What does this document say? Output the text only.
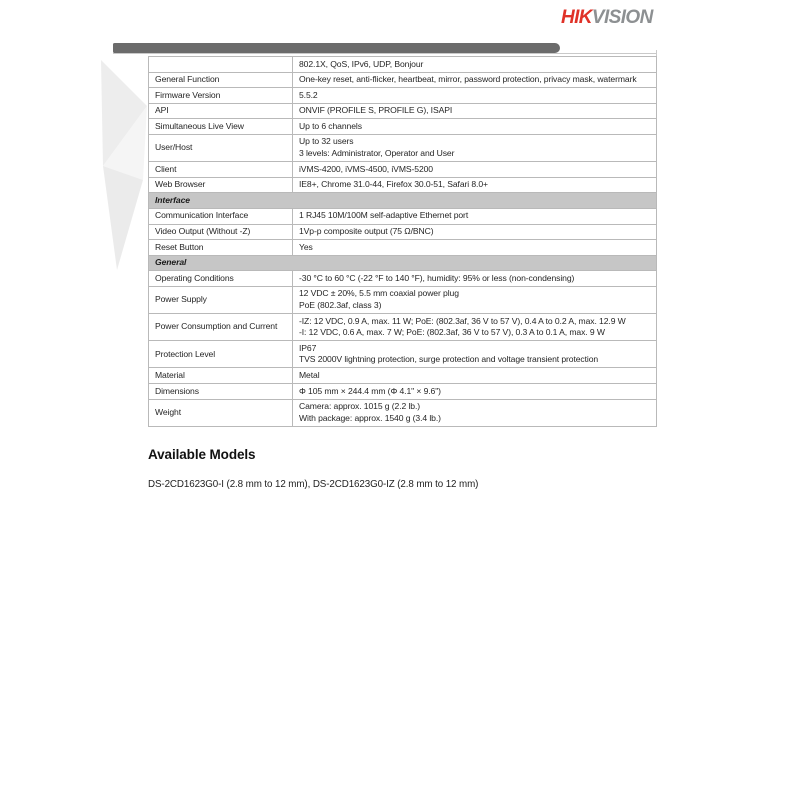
HIKVISION

	802.1X, QoS, IPv6, UDP, Bonjour

General Function	One-key reset, anti-flicker, heartbeat, mirror, password protection, privacy mask, watermark

Firmware Version	5.5.2

API	ONVIF (PROFILE S, PROFILE G), ISAPI

Simultaneous Live View	Up to 6 channels

User/Host	Up to 32 users
3 levels: Administrator, Operator and User

Client	iVMS-4200, iVMS-4500, iVMS-5200

Web Browser	IE8+, Chrome 31.0-44, Firefox 30.0-51, Safari 8.0+

Interface	
Communication Interface	1 RJ45 10M/100M self-adaptive Ethernet port

Video Output (Without -Z)	1Vp-p composite output (75 Ω/BNC)

Reset Button	Yes

General	
Operating Conditions	-30 °C to 60 °C (-22 °F to 140 °F), humidity: 95% or less (non-condensing)

Power Supply	12 VDC ± 20%, 5.5 mm coaxial power plug
PoE (802.3af, class 3)

Power Consumption and Current	-IZ: 12 VDC, 0.9 A, max. 11 W; PoE: (802.3af, 36 V to 57 V), 0.4 A to 0.2 A, max. 12.9 W
-I: 12 VDC, 0.6 A, max. 7 W; PoE: (802.3af, 36 V to 57 V), 0.3 A to 0.1 A, max. 9 W

Protection Level	IP67
TVS 2000V lightning protection, surge protection and voltage transient protection

Material	Metal

Dimensions	Φ 105 mm × 244.4 mm (Φ 4.1" × 9.6")

Weight	Camera: approx. 1015 g (2.2 lb.)
With package: approx. 1540 g (3.4 lb.)
Available Models
DS-2CD1623G0-I (2.8 mm to 12 mm), DS-2CD1623G0-IZ (2.8 mm to 12 mm)
